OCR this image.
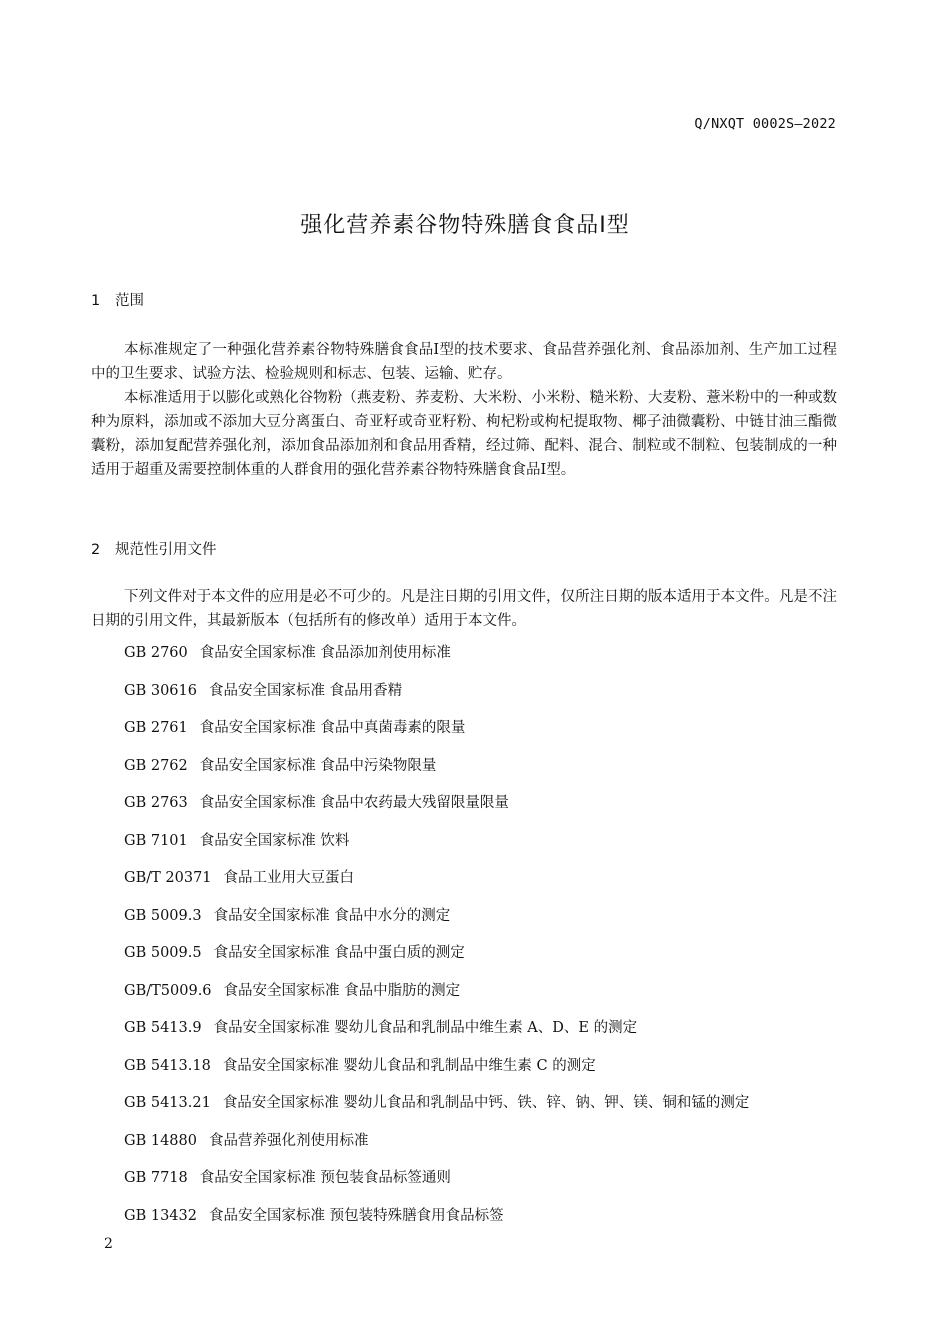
Q/NXQT 0002S—2022
强化营养素谷物特殊膳食食品Ⅰ型
1 范围

本标准规定了一种强化营养素谷物特殊膳食食品Ⅰ型的技术要求、食品营养强化剂、食品添加剂、生产加工过程中的卫生要求、试验方法、检验规则和标志、包装、运输、贮存。

本标准适用于以膨化或熟化谷物粉（燕麦粉、荞麦粉、大米粉、小米粉、糙米粉、大麦粉、薏米粉中的一种或数种为原料，添加或不添加大豆分离蛋白、奇亚籽或奇亚籽粉、枸杞粉或枸杞提取物、椰子油微囊粉、中链甘油三酯微囊粉，添加复配营养强化剂，添加食品添加剂和食品用香精，经过筛、配料、混合、制粒或不制粒、包装制成的一种适用于超重及需要控制体重的人群食用的强化营养素谷物特殊膳食食品Ⅰ型。

2 规范性引用文件

下列文件对于本文件的应用是必不可少的。凡是注日期的引用文件，仅所注日期的版本适用于本文件。凡是不注日期的引用文件，其最新版本（包括所有的修改单）适用于本文件。

GB 2760 食品安全国家标准 食品添加剂使用标准
GB 30616 食品安全国家标准 食品用香精
GB 2761 食品安全国家标准 食品中真菌毒素的限量
GB 2762 食品安全国家标准 食品中污染物限量
GB 2763 食品安全国家标准 食品中农药最大残留限量限量
GB 7101 食品安全国家标准 饮料
GB/T 20371 食品工业用大豆蛋白
GB 5009.3 食品安全国家标准 食品中水分的测定
GB 5009.5 食品安全国家标准 食品中蛋白质的测定
GB/T5009.6 食品安全国家标准 食品中脂肪的测定
GB 5413.9 食品安全国家标准 婴幼儿食品和乳制品中维生素 A、D、E 的测定
GB 5413.18 食品安全国家标准 婴幼儿食品和乳制品中维生素 C 的测定
GB 5413.21 食品安全国家标准 婴幼儿食品和乳制品中钙、铁、锌、钠、钾、镁、铜和锰的测定
GB 14880 食品营养强化剂使用标准
GB 7718 食品安全国家标准 预包装食品标签通则
GB 13432 食品安全国家标准 预包装特殊膳食用食品标签
2
